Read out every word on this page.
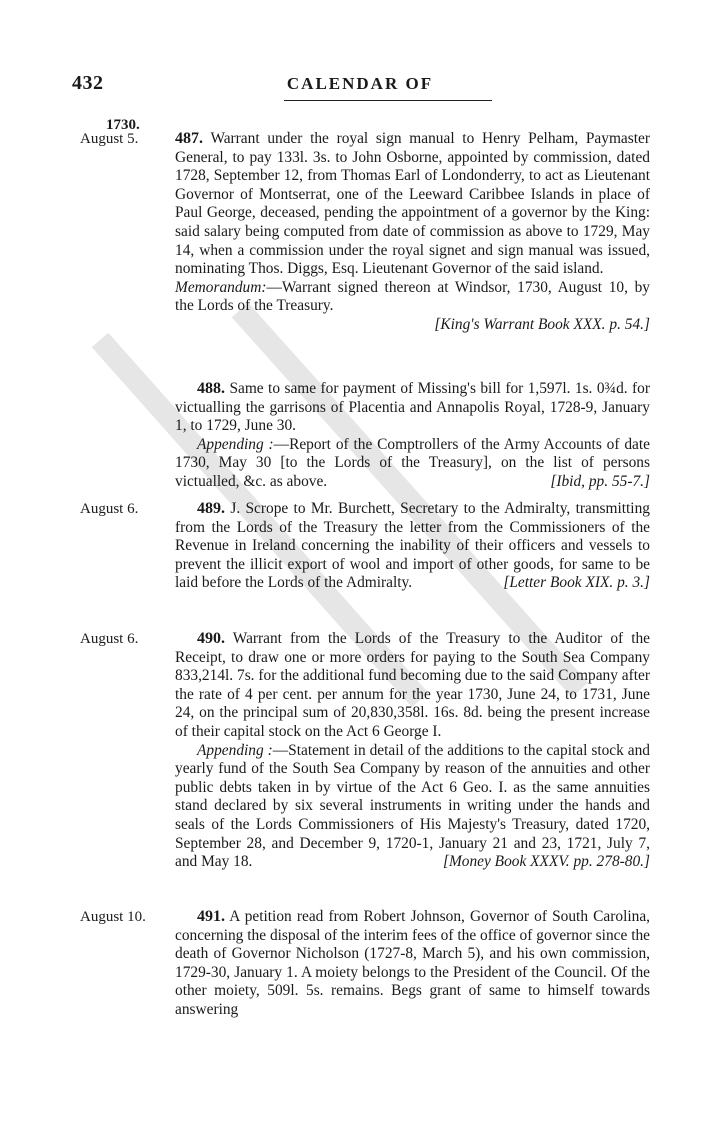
432	CALENDAR OF
1730.
August 5.	487. Warrant under the royal sign manual to Henry Pelham, Paymaster General, to pay 133l. 3s. to John Osborne, appointed by commission, dated 1728, September 12, from Thomas Earl of Londonderry, to act as Lieutenant Governor of Montserrat, one of the Leeward Caribbee Islands in place of Paul George, deceased, pending the appointment of a governor by the King: said salary being computed from date of commission as above to 1729, May 14, when a commission under the royal signet and sign manual was issued, nominating Thos. Diggs, Esq. Lieutenant Governor of the said island.

Memorandum:—Warrant signed thereon at Windsor, 1730, August 10, by the Lords of the Treasury.

[King's Warrant Book XXX. p. 54.]

488. Same to same for payment of Missing's bill for 1,597l. 1s. 0¾d. for victualling the garrisons of Placentia and Annapolis Royal, 1728-9, January 1, to 1729, June 30.

Appending :—Report of the Comptrollers of the Army Accounts of date 1730, May 30 [to the Lords of the Treasury], on the list of persons victualled, &c. as above.	[Ibid, pp. 55-7.]

August 6.	489. J. Scrope to Mr. Burchett, Secretary to the Admiralty, transmitting from the Lords of the Treasury the letter from the Commissioners of the Revenue in Ireland concerning the inability of their officers and vessels to prevent the illicit export of wool and import of other goods, for same to be laid before the Lords of the Admiralty.	[Letter Book XIX. p. 3.]

August 6.	490. Warrant from the Lords of the Treasury to the Auditor of the Receipt, to draw one or more orders for paying to the South Sea Company 833,214l. 7s. for the additional fund becoming due to the said Company after the rate of 4 per cent. per annum for the year 1730, June 24, to 1731, June 24, on the principal sum of 20,830,358l. 16s. 8d. being the present increase of their capital stock on the Act 6 George I.

Appending :—Statement in detail of the additions to the capital stock and yearly fund of the South Sea Company by reason of the annuities and other public debts taken in by virtue of the Act 6 Geo. I. as the same annuities stand declared by six several instruments in writing under the hands and seals of the Lords Commissioners of His Majesty's Treasury, dated 1720, September 28, and December 9, 1720-1, January 21 and 23, 1721, July 7, and May 18.	[Money Book XXXV. pp. 278-80.]

August 10.	491. A petition read from Robert Johnson, Governor of South Carolina, concerning the disposal of the interim fees of the office of governor since the death of Governor Nicholson (1727-8, March 5), and his own commission, 1729-30, January 1. A moiety belongs to the President of the Council. Of the other moiety, 509l. 5s. remains. Begs grant of same to himself towards answering
